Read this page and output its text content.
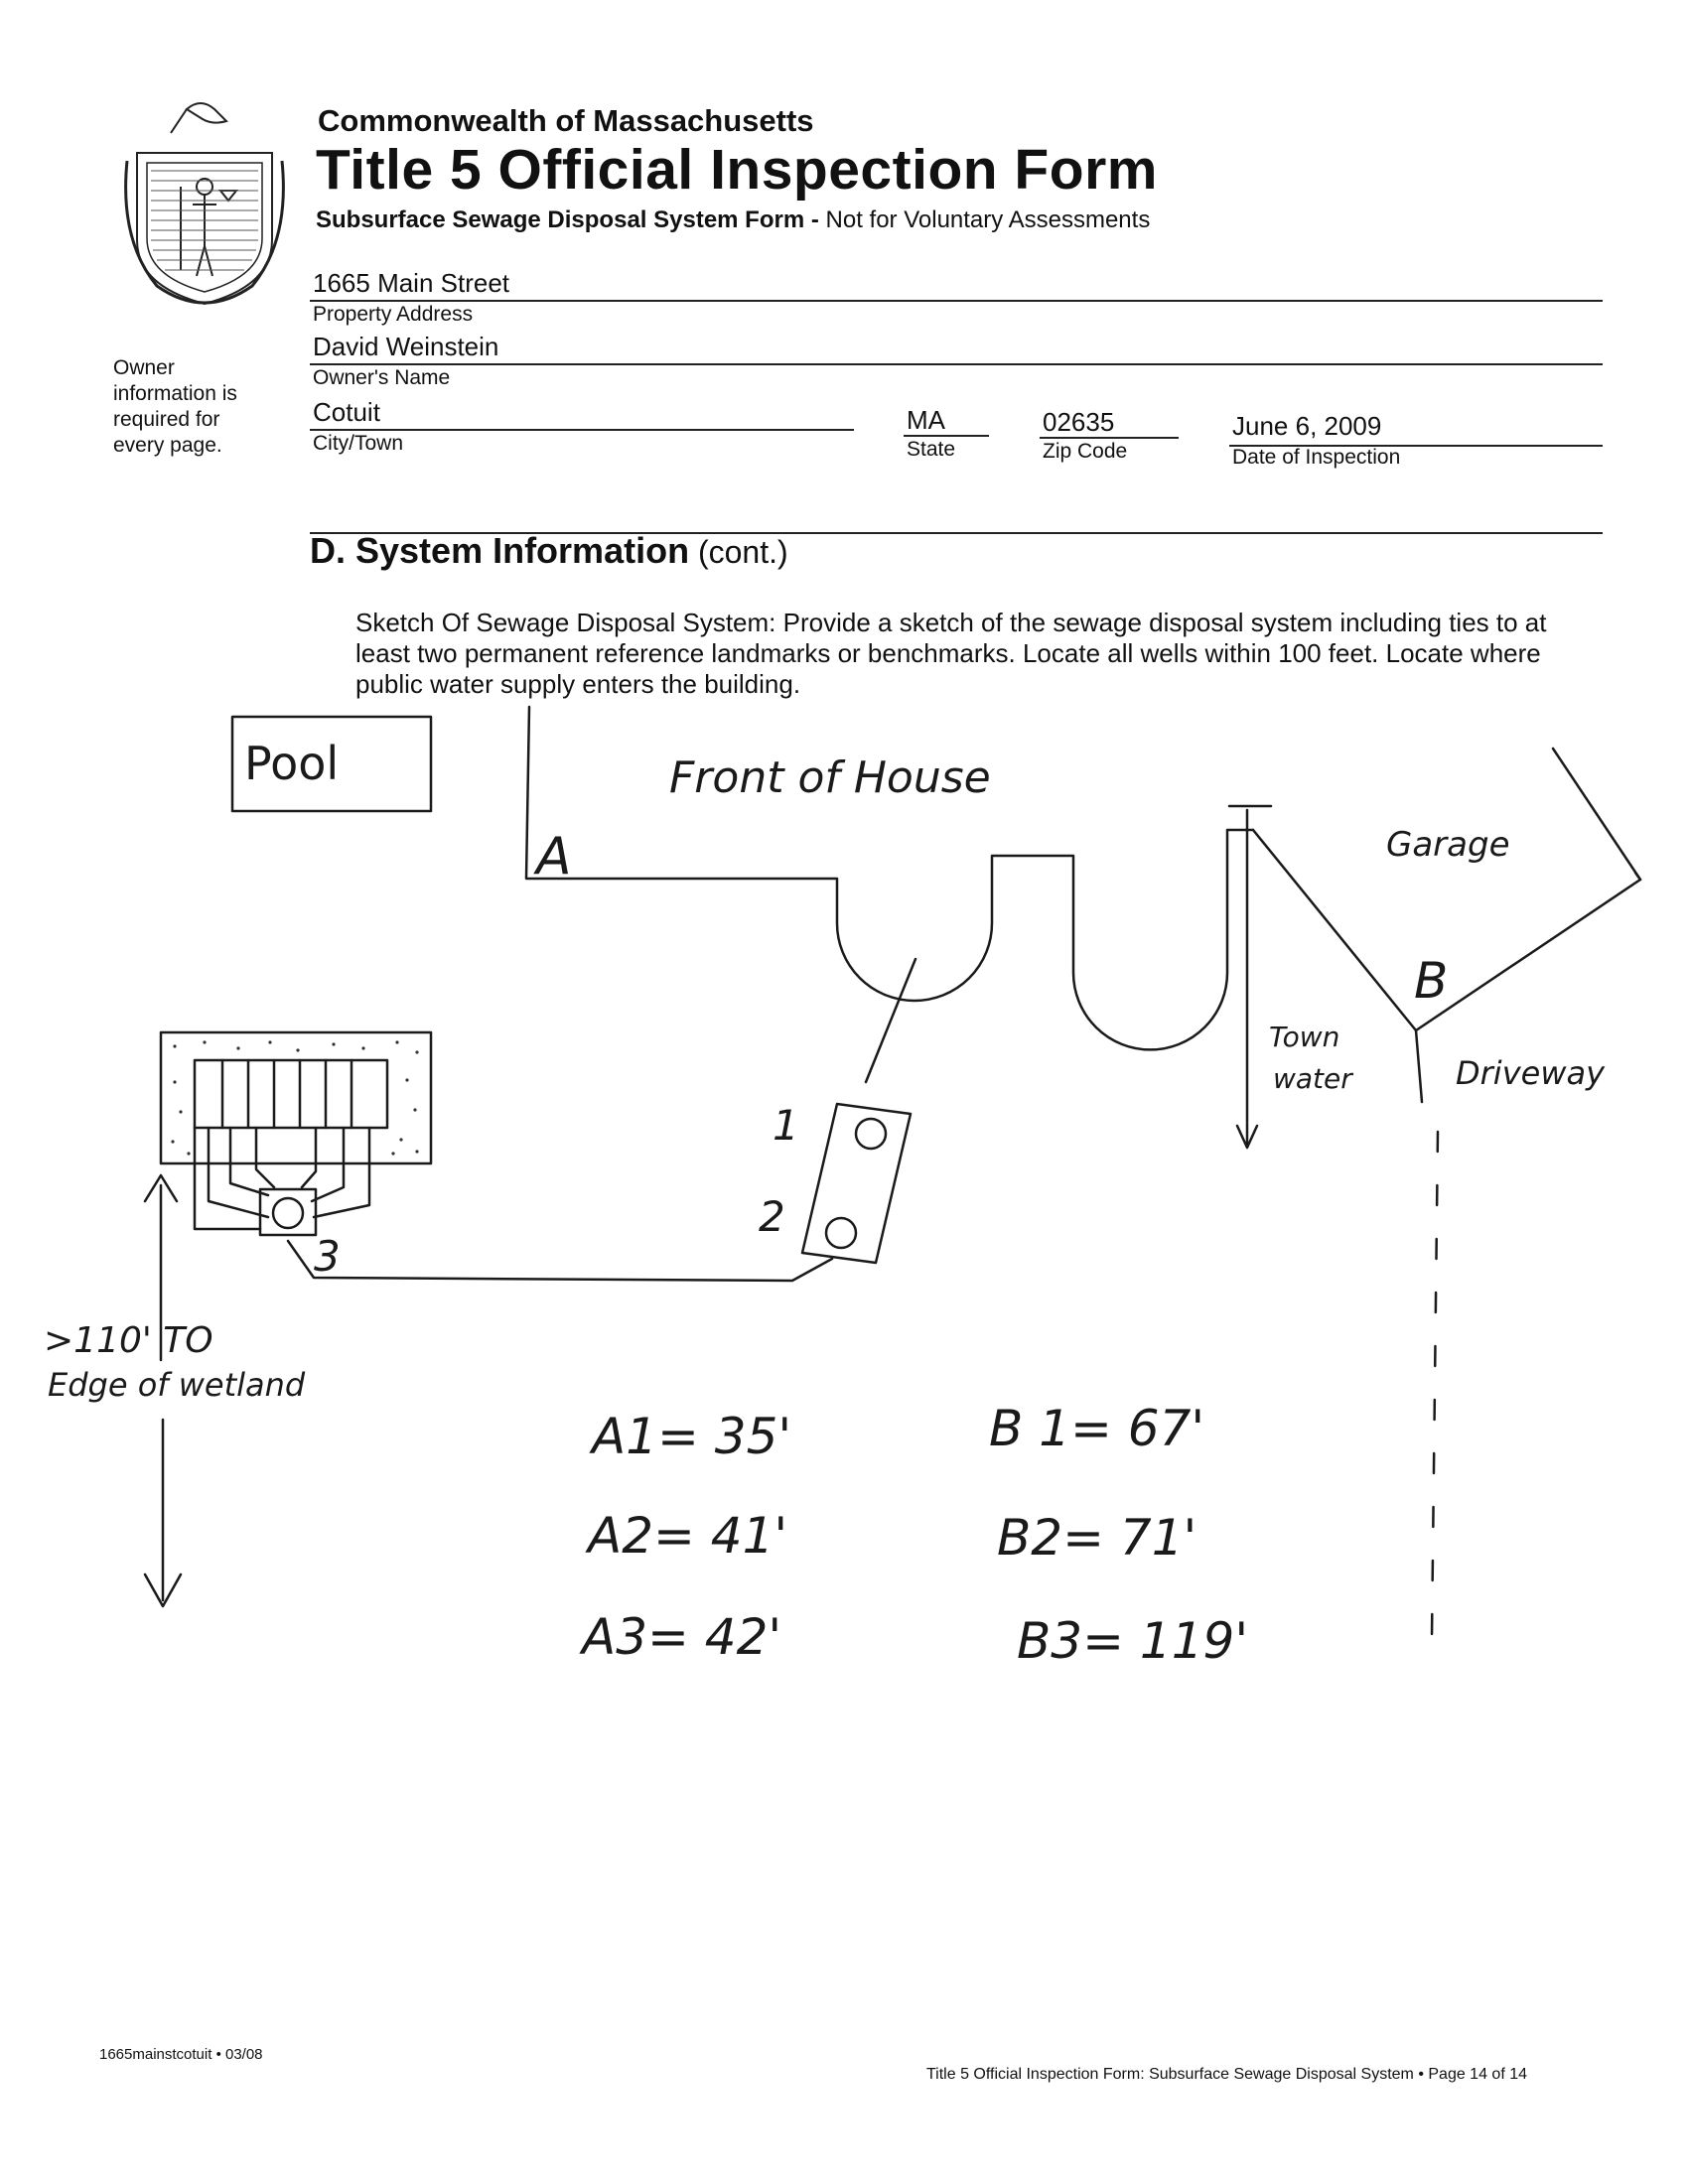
Commonwealth of Massachusetts
Title 5 Official Inspection Form
Subsurface Sewage Disposal System Form - Not for Voluntary Assessments
1665 Main Street
Property Address
David Weinstein
Owner's Name
Owner information is required for every page.
Cotuit
City/Town
MA
State
02635
Zip Code
June 6, 2009
Date of Inspection
D. System Information (cont.)
Sketch Of Sewage Disposal System: Provide a sketch of the sewage disposal system including ties to at least two permanent reference landmarks or benchmarks. Locate all wells within 100 feet. Locate where public water supply enters the building.
Pool	Front of House
Garage
A
B
Town
water	Driveway
1
2
3
>110' TO
Edge of wetland
A1= 35'
A2= 41'
A3= 42'
B 1= 67'
B2= 71'
B3= 119'
1665mainstcotuit • 03/08
Title 5 Official Inspection Form: Subsurface Sewage Disposal System • Page 14 of 14
